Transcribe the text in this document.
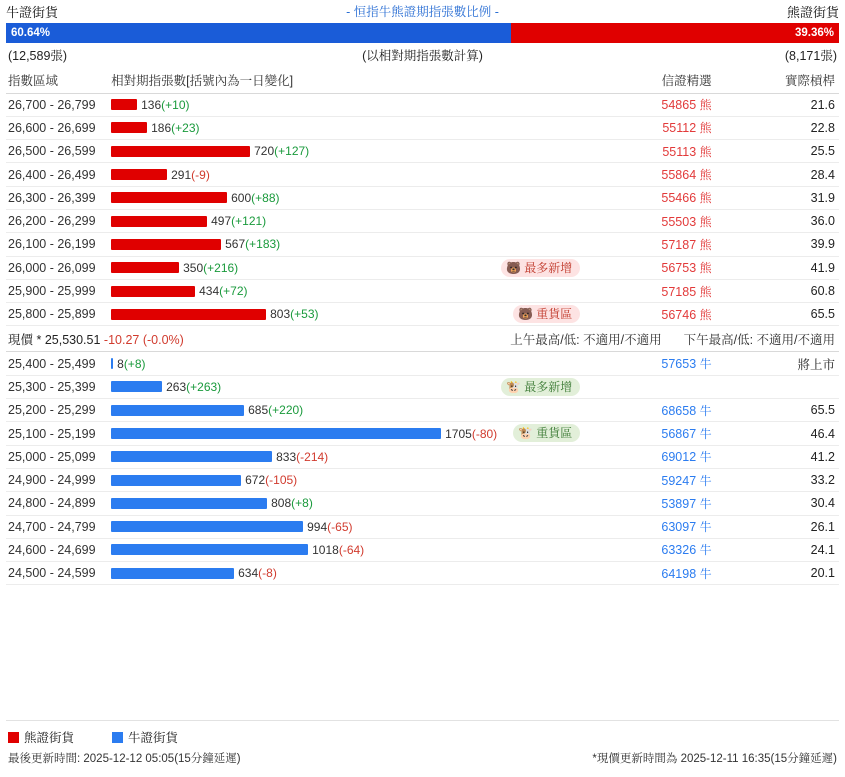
牛證街貨	- 恒指牛熊證期指張數比例 -	熊證街貨
60.64%	39.36%
(12,589張)	(以相對期指張數計算)	(8,171張)
指數區域	相對期指張數[括號內為一日變化]	信證精選	實際槓桿
26,700 - 26,799	136(+10)	54865 熊	21.6
26,600 - 26,699	186(+23)	55112 熊	22.8
26,500 - 26,599	720(+127)	55113 熊	25.5
26,400 - 26,499	291(-9)	55864 熊	28.4
26,300 - 26,399	600(+88)	55466 熊	31.9
26,200 - 26,299	497(+121)	55503 熊	36.0
26,100 - 26,199	567(+183)	57187 熊	39.9
26,000 - 26,099	350(+216) 🐻 最多新增	56753 熊	41.9
25,900 - 25,999	434(+72)	57185 熊	60.8
25,800 - 25,899	803(+53) 🐻 重貨區	56746 熊	65.5

現價 * 25,530.51 -10.27 (-0.0%)		上午最高/低: 不適用/不適用 下午最高/低: 不適用/不適用	

25,400 - 25,499	8(+8)	57653 牛	將上市
25,300 - 25,399	263(+263) 🐮 最多新增		

25,200 - 25,299	685(+220)	68658 牛	65.5
25,100 - 25,199	1705(-80) 🐮 重貨區	56867 牛	46.4
25,000 - 25,099	833(-214)	69012 牛	41.2
24,900 - 24,999	672(-105)	59247 牛	33.2
24,800 - 24,899	808(+8)	53897 牛	30.4
24,700 - 24,799	994(-65)	63097 牛	26.1
24,600 - 24,699	1018(-64)	63326 牛	24.1
24,500 - 24,599	634(-8)	64198 牛	20.1
熊證街貨	牛證街貨
最後更新時間: 2025-12-12 05:05(15分鐘延遲)	*現價更新時間為 2025-12-11 16:35(15分鐘延遲)
